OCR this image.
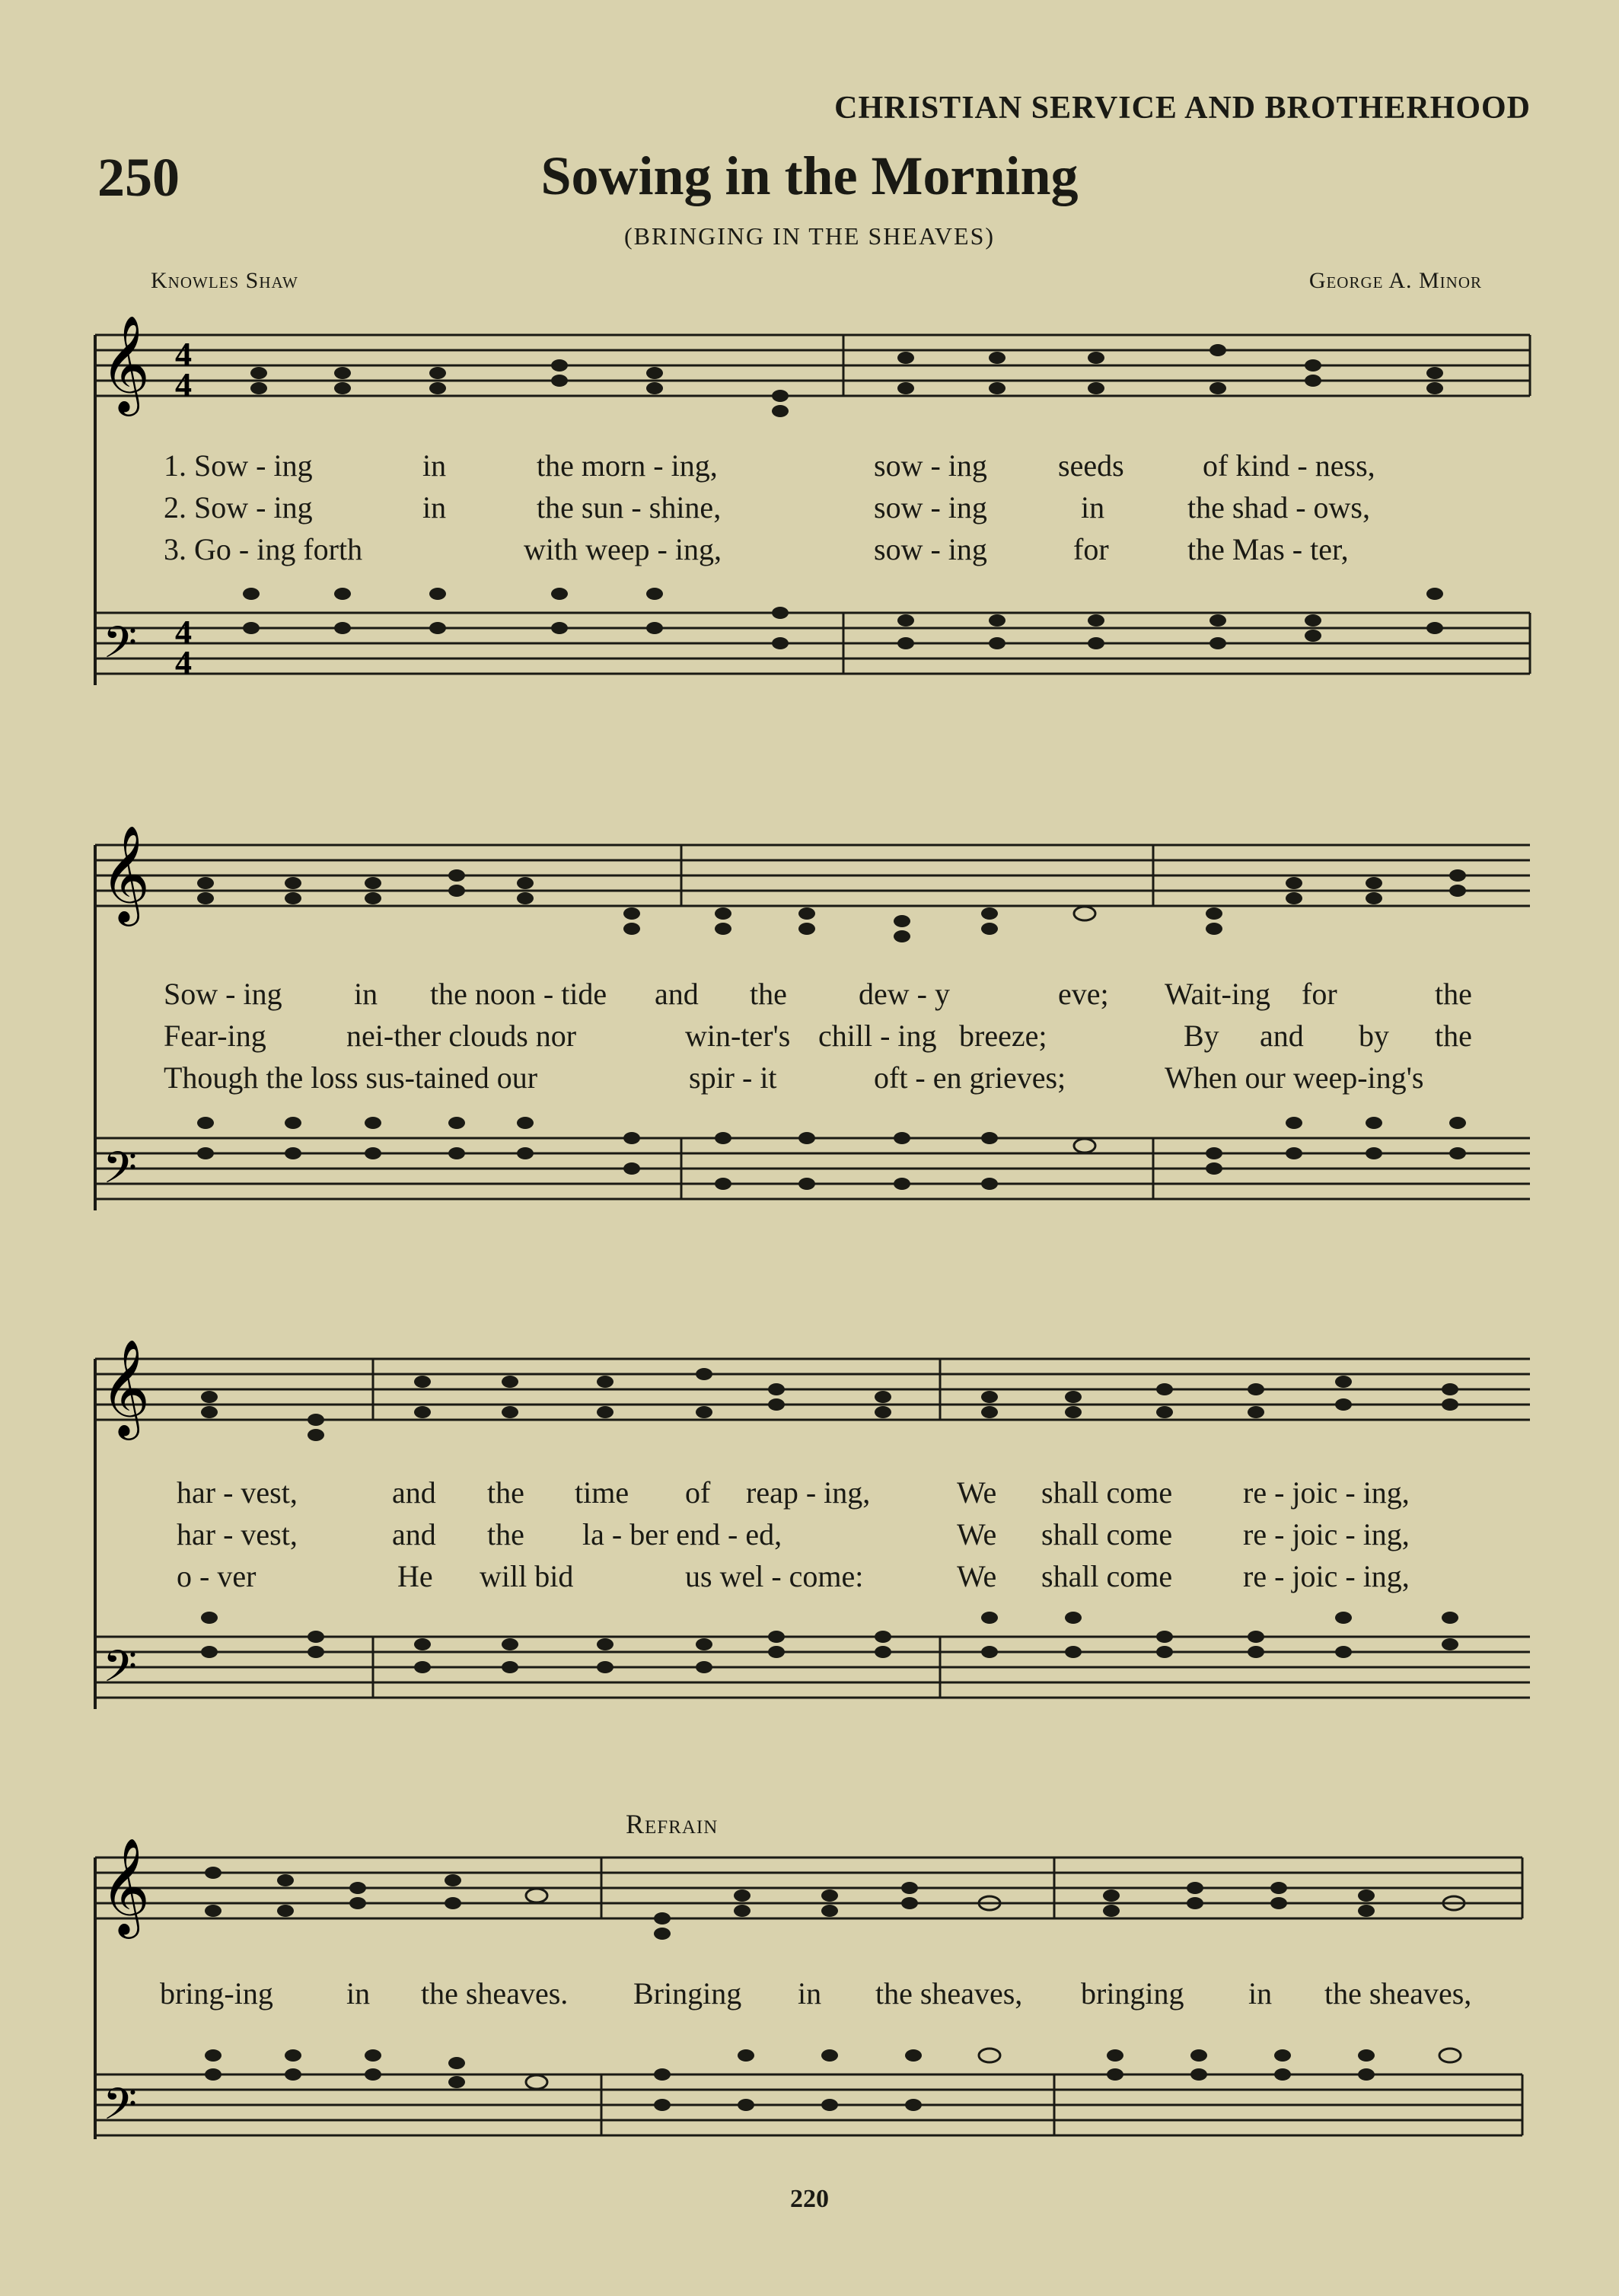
CHRISTIAN SERVICE AND BROTHERHOOD
250	Sowing in the Morning
(BRINGING IN THE SHEAVES)
Knowles Shaw	George A. Minor
𝄞 4
4
𝄢 4
4
1. Sow - ing	in	the morn - ing,	sow - ing seeds	of kind - ness,
2. Sow - ing	in	the sun - shine,	sow - ing	in	the shad - ows,
3. Go - ing forth	with weep - ing,	sow - ing	for	the Mas - ter,
𝄞
𝄢
Sow - ing in the noon - tide and the dew - y	eve; Wait-ing for	the
Fear-ing	nei-ther clouds nor	win-ter's chill - ing breeze;	By and by the
Though the loss sus-tained our	spir - it	oft - en grieves;	When our weep-ing's
𝄞
𝄢
har - vest,	and the time of reap - ing,	We shall come re - joic - ing,
har - vest,	and the la - ber end - ed,	We shall come re - joic - ing,
o - ver	He will bid	us wel - come:	We shall come re - joic - ing,
Refrain
𝄞
𝄢
bring-ing in the sheaves. Bringing in the sheaves, bringing in the sheaves,
220
